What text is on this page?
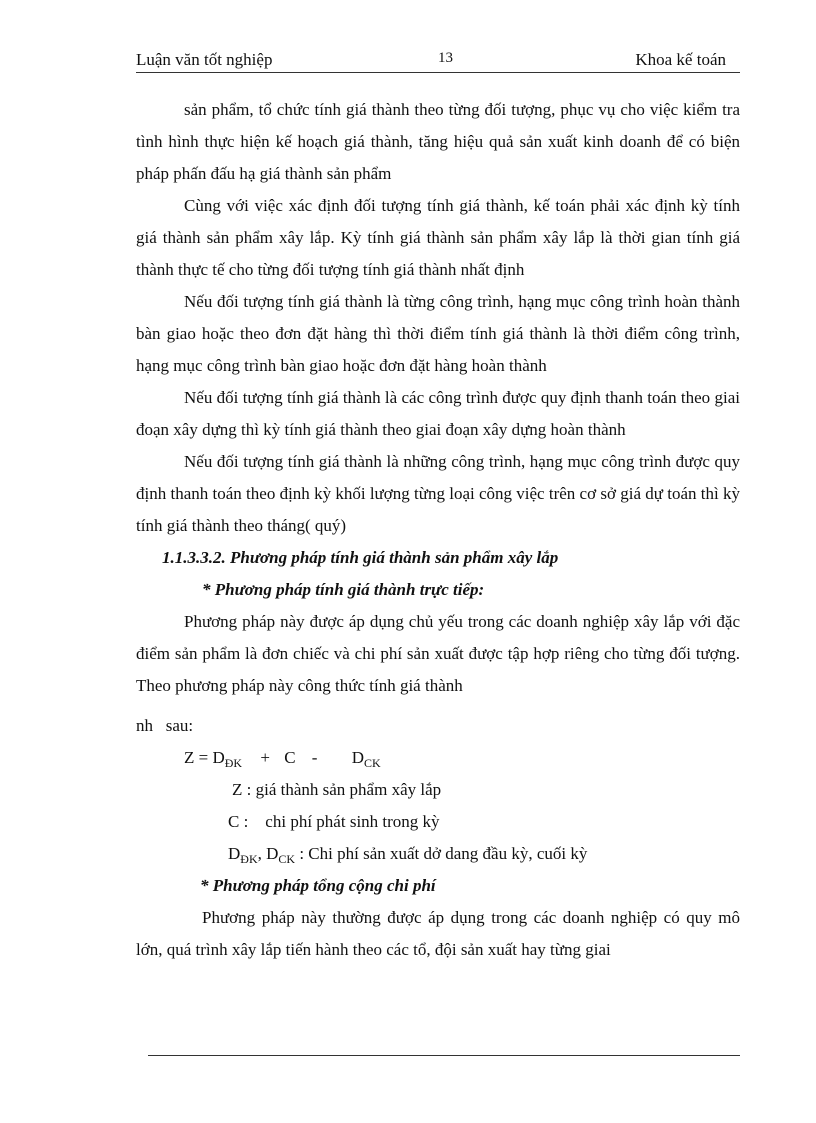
Luận văn tốt nghiệp	13	Khoa kế toán

sản phẩm, tổ chức tính giá thành theo từng đối tượng, phục vụ cho việc kiểm tra tình hình thực hiện kế hoạch giá thành, tăng hiệu quả sản xuất kinh doanh để có biện pháp phấn đấu hạ giá thành sản phẩm

Cùng với việc xác định đối tượng tính giá thành, kế toán phải xác định kỳ tính giá thành sản phẩm xây lắp. Kỳ tính giá thành sản phẩm xây lắp là thời gian tính giá thành thực tế cho từng đối tượng tính giá thành nhất định

Nếu đối tượng tính giá thành là từng công trình, hạng mục công trình hoàn thành bàn giao hoặc theo đơn đặt hàng thì thời điểm tính giá thành là thời điểm công trình, hạng mục công trình bàn giao hoặc đơn đặt hàng hoàn thành

Nếu đối tượng tính giá thành là các công trình được quy định thanh toán theo giai đoạn xây dựng thì kỳ tính giá thành theo giai đoạn xây dựng hoàn thành

Nếu đối tượng tính giá thành là những công trình, hạng mục công trình được quy định thanh toán theo định kỳ khối lượng từng loại công việc trên cơ sở giá dự toán thì kỳ tính giá thành theo tháng( quý)

1.1.3.3.2. Phương pháp tính giá thành sản phẩm xây lắp

* Phương pháp tính giá thành trực tiếp:

Phương pháp này được áp dụng chủ yếu trong các doanh nghiệp xây lắp với đặc điểm sản phẩm là đơn chiếc và chi phí sản xuất được tập hợp riêng cho từng đối tượng. Theo phương pháp này công thức tính giá thành

nh   sau:

$Z = D_{ĐK} + C - D_{CK}$
Z : giá thành sản phẩm xây lắp
C :    chi phí phát sinh trong kỳ
$D_{ĐK}$, $D_{CK}$ : Chi phí sản xuất dở dang đầu kỳ, cuối kỳ

* Phương pháp tổng cộng chi phí

Phương pháp này thường được áp dụng trong các doanh nghiệp có quy mô lớn, quá trình xây lắp tiến hành theo các tổ, đội sản xuất hay từng giai
